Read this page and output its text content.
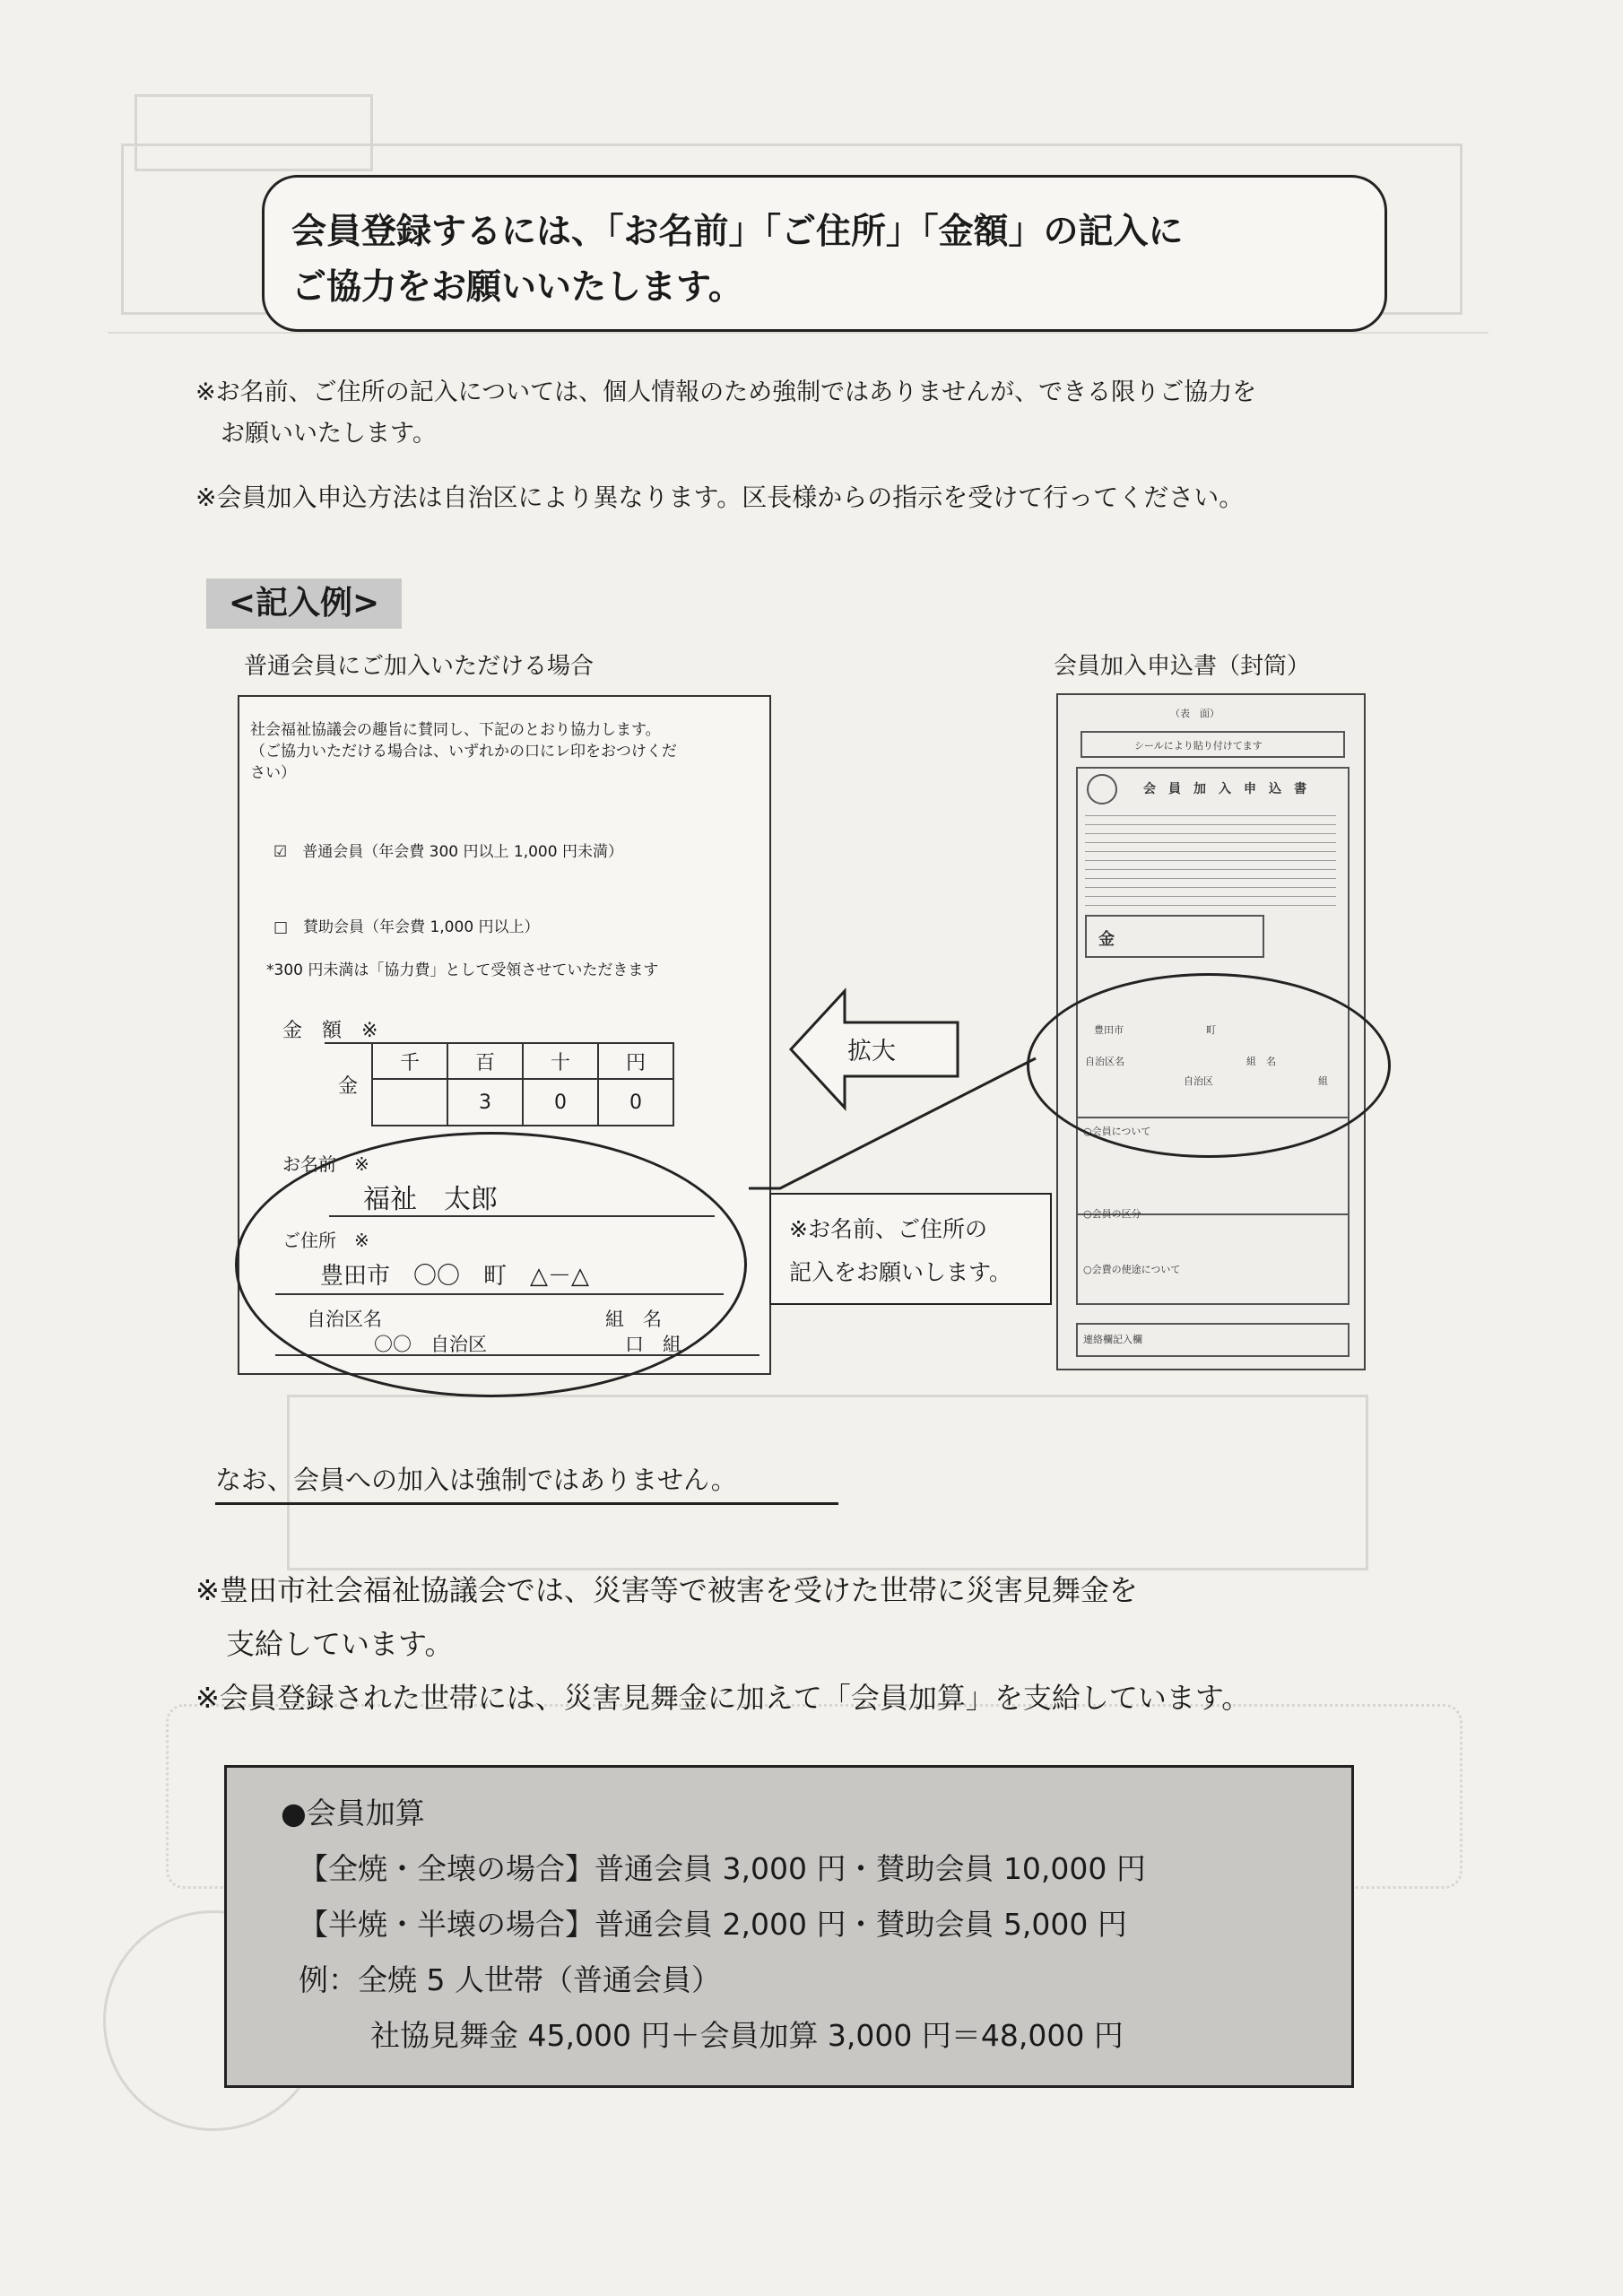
会員登録するには、「お名前」「ご住所」「金額」の記入に
ご協力をお願いいたします。
※お名前、ご住所の記入については、個人情報のため強制ではありませんが、できる限りご協力を
お願いいたします。
※会員加入申込方法は自治区により異なります。区長様からの指示を受けて行ってください。
<記入例>
普通会員にご加入いただける場合	会員加入申込書（封筒）
社会福祉協議会の趣旨に賛同し、下記のとおり協力します。
（ご協力いただける場合は、いずれかの口にレ印をおつけくだ
さい）
☑　普通会員（年会費 300 円以上 1,000 円未満）
□　賛助会員（年会費 1,000 円以上）
*300 円未満は「協力費」として受領させていただきます
金　額　※
金	千	百	十	円
		3	0	0
お名前　※
福祉　太郎
ご住所　※
豊田市　〇〇　町　△－△
自治区名	組　名
〇〇　自治区	口　組
拡大
（表　面）
シールにより貼り付けてます
会　員　加　入　申　込　書
金
豊田市	町
自治区名	組　名
自治区	組
○会員について
○会員の区分
○会費の使途について
連絡欄記入欄
※お名前、ご住所の
記入をお願いします。
なお、会員への加入は強制ではありません。
※豊田市社会福祉協議会では、災害等で被害を受けた世帯に災害見舞金を
支給しています。
※会員登録された世帯には、災害見舞金に加えて「会員加算」を支給しています。
●会員加算
【全焼・全壊の場合】普通会員 3,000 円・賛助会員 10,000 円
【半焼・半壊の場合】普通会員 2,000 円・賛助会員 5,000 円
例：全焼 5 人世帯（普通会員）
社協見舞金 45,000 円＋会員加算 3,000 円＝48,000 円
